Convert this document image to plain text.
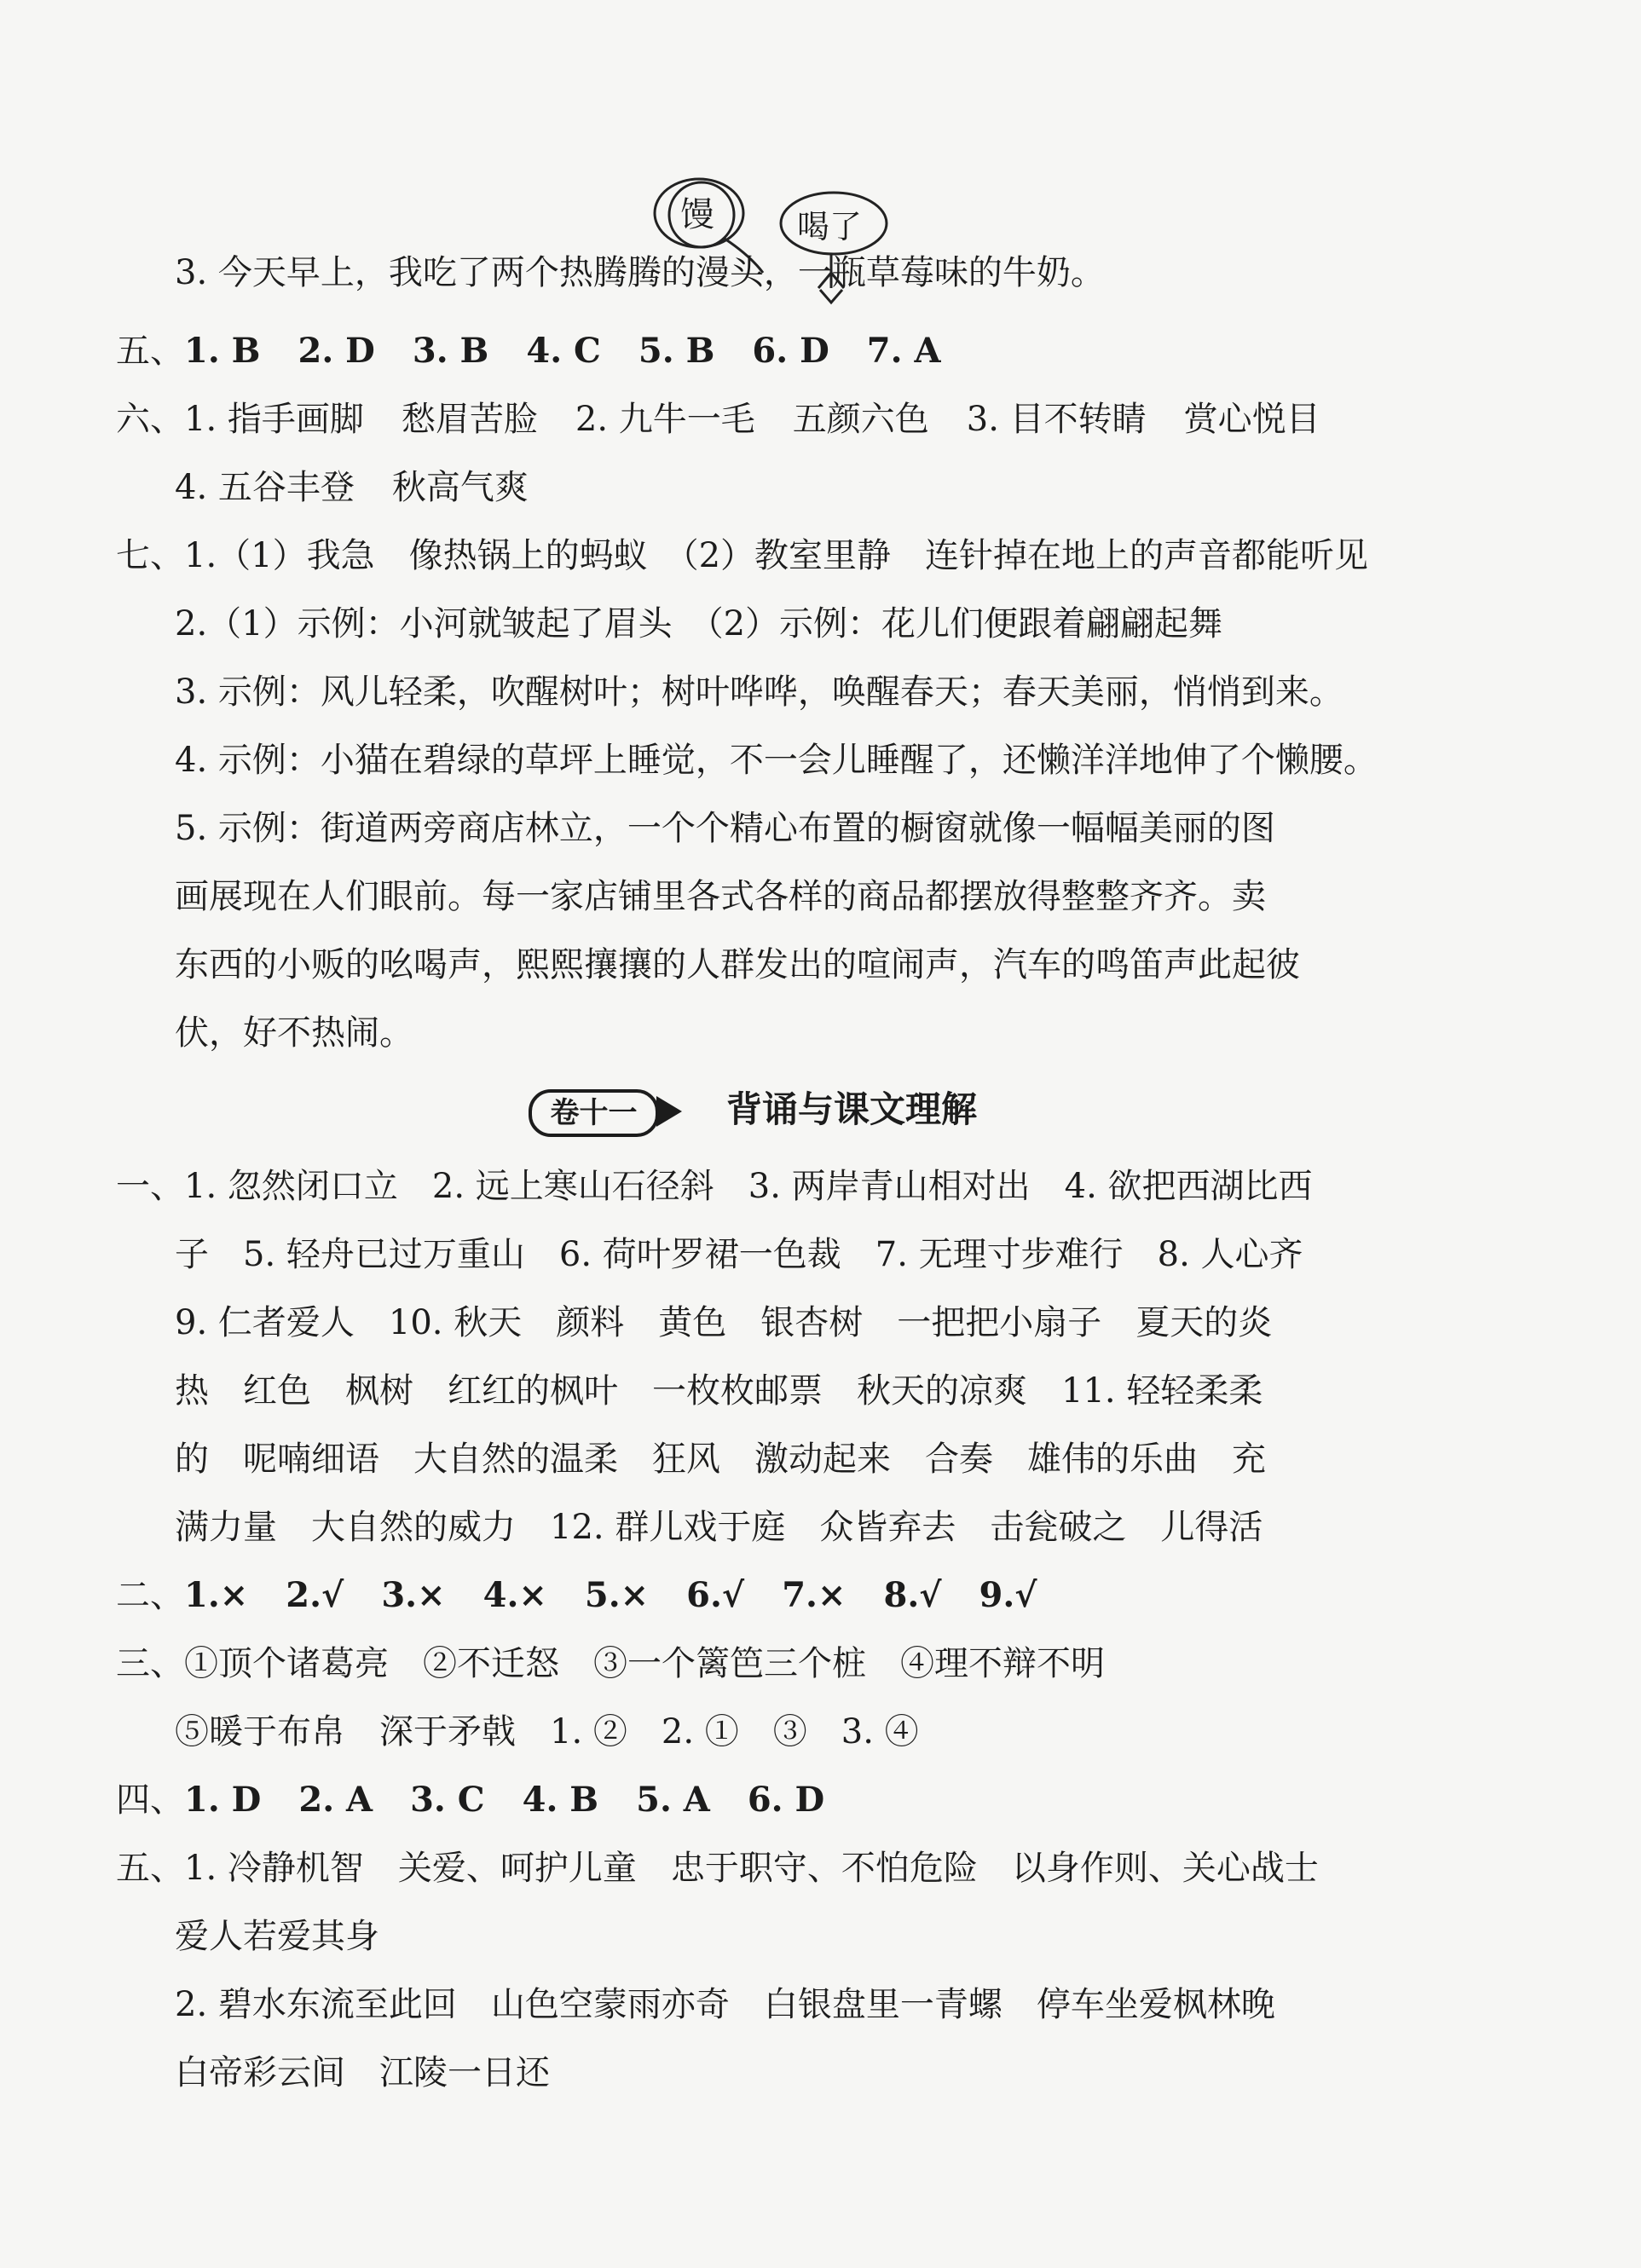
馒	喝了
3. 今天早上，我吃了两个热腾腾的漫头，一瓶草莓味的牛奶。
五、1. B 2. D 3. B 4. C 5. B 6. D 7. A
六、1. 指手画脚 愁眉苦脸 2. 九牛一毛 五颜六色 3. 目不转睛 赏心悦目
4. 五谷丰登 秋高气爽
七、1.（1）我急　像热锅上的蚂蚁　（2）教室里静　连针掉在地上的声音都能听见
2.（1）示例：小河就皱起了眉头　（2）示例：花儿们便跟着翩翩起舞
3. 示例：风儿轻柔，吹醒树叶；树叶哗哗，唤醒春天；春天美丽，悄悄到来。
4. 示例：小猫在碧绿的草坪上睡觉，不一会儿睡醒了，还懒洋洋地伸了个懒腰。
5. 示例：街道两旁商店林立，一个个精心布置的橱窗就像一幅幅美丽的图
画展现在人们眼前。每一家店铺里各式各样的商品都摆放得整整齐齐。卖
东西的小贩的吆喝声，熙熙攘攘的人群发出的喧闹声，汽车的鸣笛声此起彼
伏，好不热闹。
卷十一	背诵与课文理解
一、1. 忽然闭口立　2. 远上寒山石径斜　3. 两岸青山相对出　4. 欲把西湖比西
子　5. 轻舟已过万重山　6. 荷叶罗裙一色裁　7. 无理寸步难行　8. 人心齐
9. 仁者爱人　10. 秋天　颜料　黄色　银杏树　一把把小扇子　夏天的炎
热　红色　枫树　红红的枫叶　一枚枚邮票　秋天的凉爽　11. 轻轻柔柔
的　呢喃细语　大自然的温柔　狂风　激动起来　合奏　雄伟的乐曲　充
满力量　大自然的威力　12. 群儿戏于庭　众皆弃去　击瓮破之　儿得活
二、1.× 2.√ 3.× 4.× 5.× 6.√ 7.× 8.√ 9.√
三、①顶个诸葛亮　②不迁怒　③一个篱笆三个桩　④理不辩不明
⑤暖于布帛　深于矛戟　1. ②　2. ①　③　3. ④
四、1. D 2. A 3. C 4. B 5. A 6. D
五、1. 冷静机智　关爱、呵护儿童　忠于职守、不怕危险　以身作则、关心战士
爱人若爱其身
2. 碧水东流至此回　山色空蒙雨亦奇　白银盘里一青螺　停车坐爱枫林晚
白帝彩云间　江陵一日还
